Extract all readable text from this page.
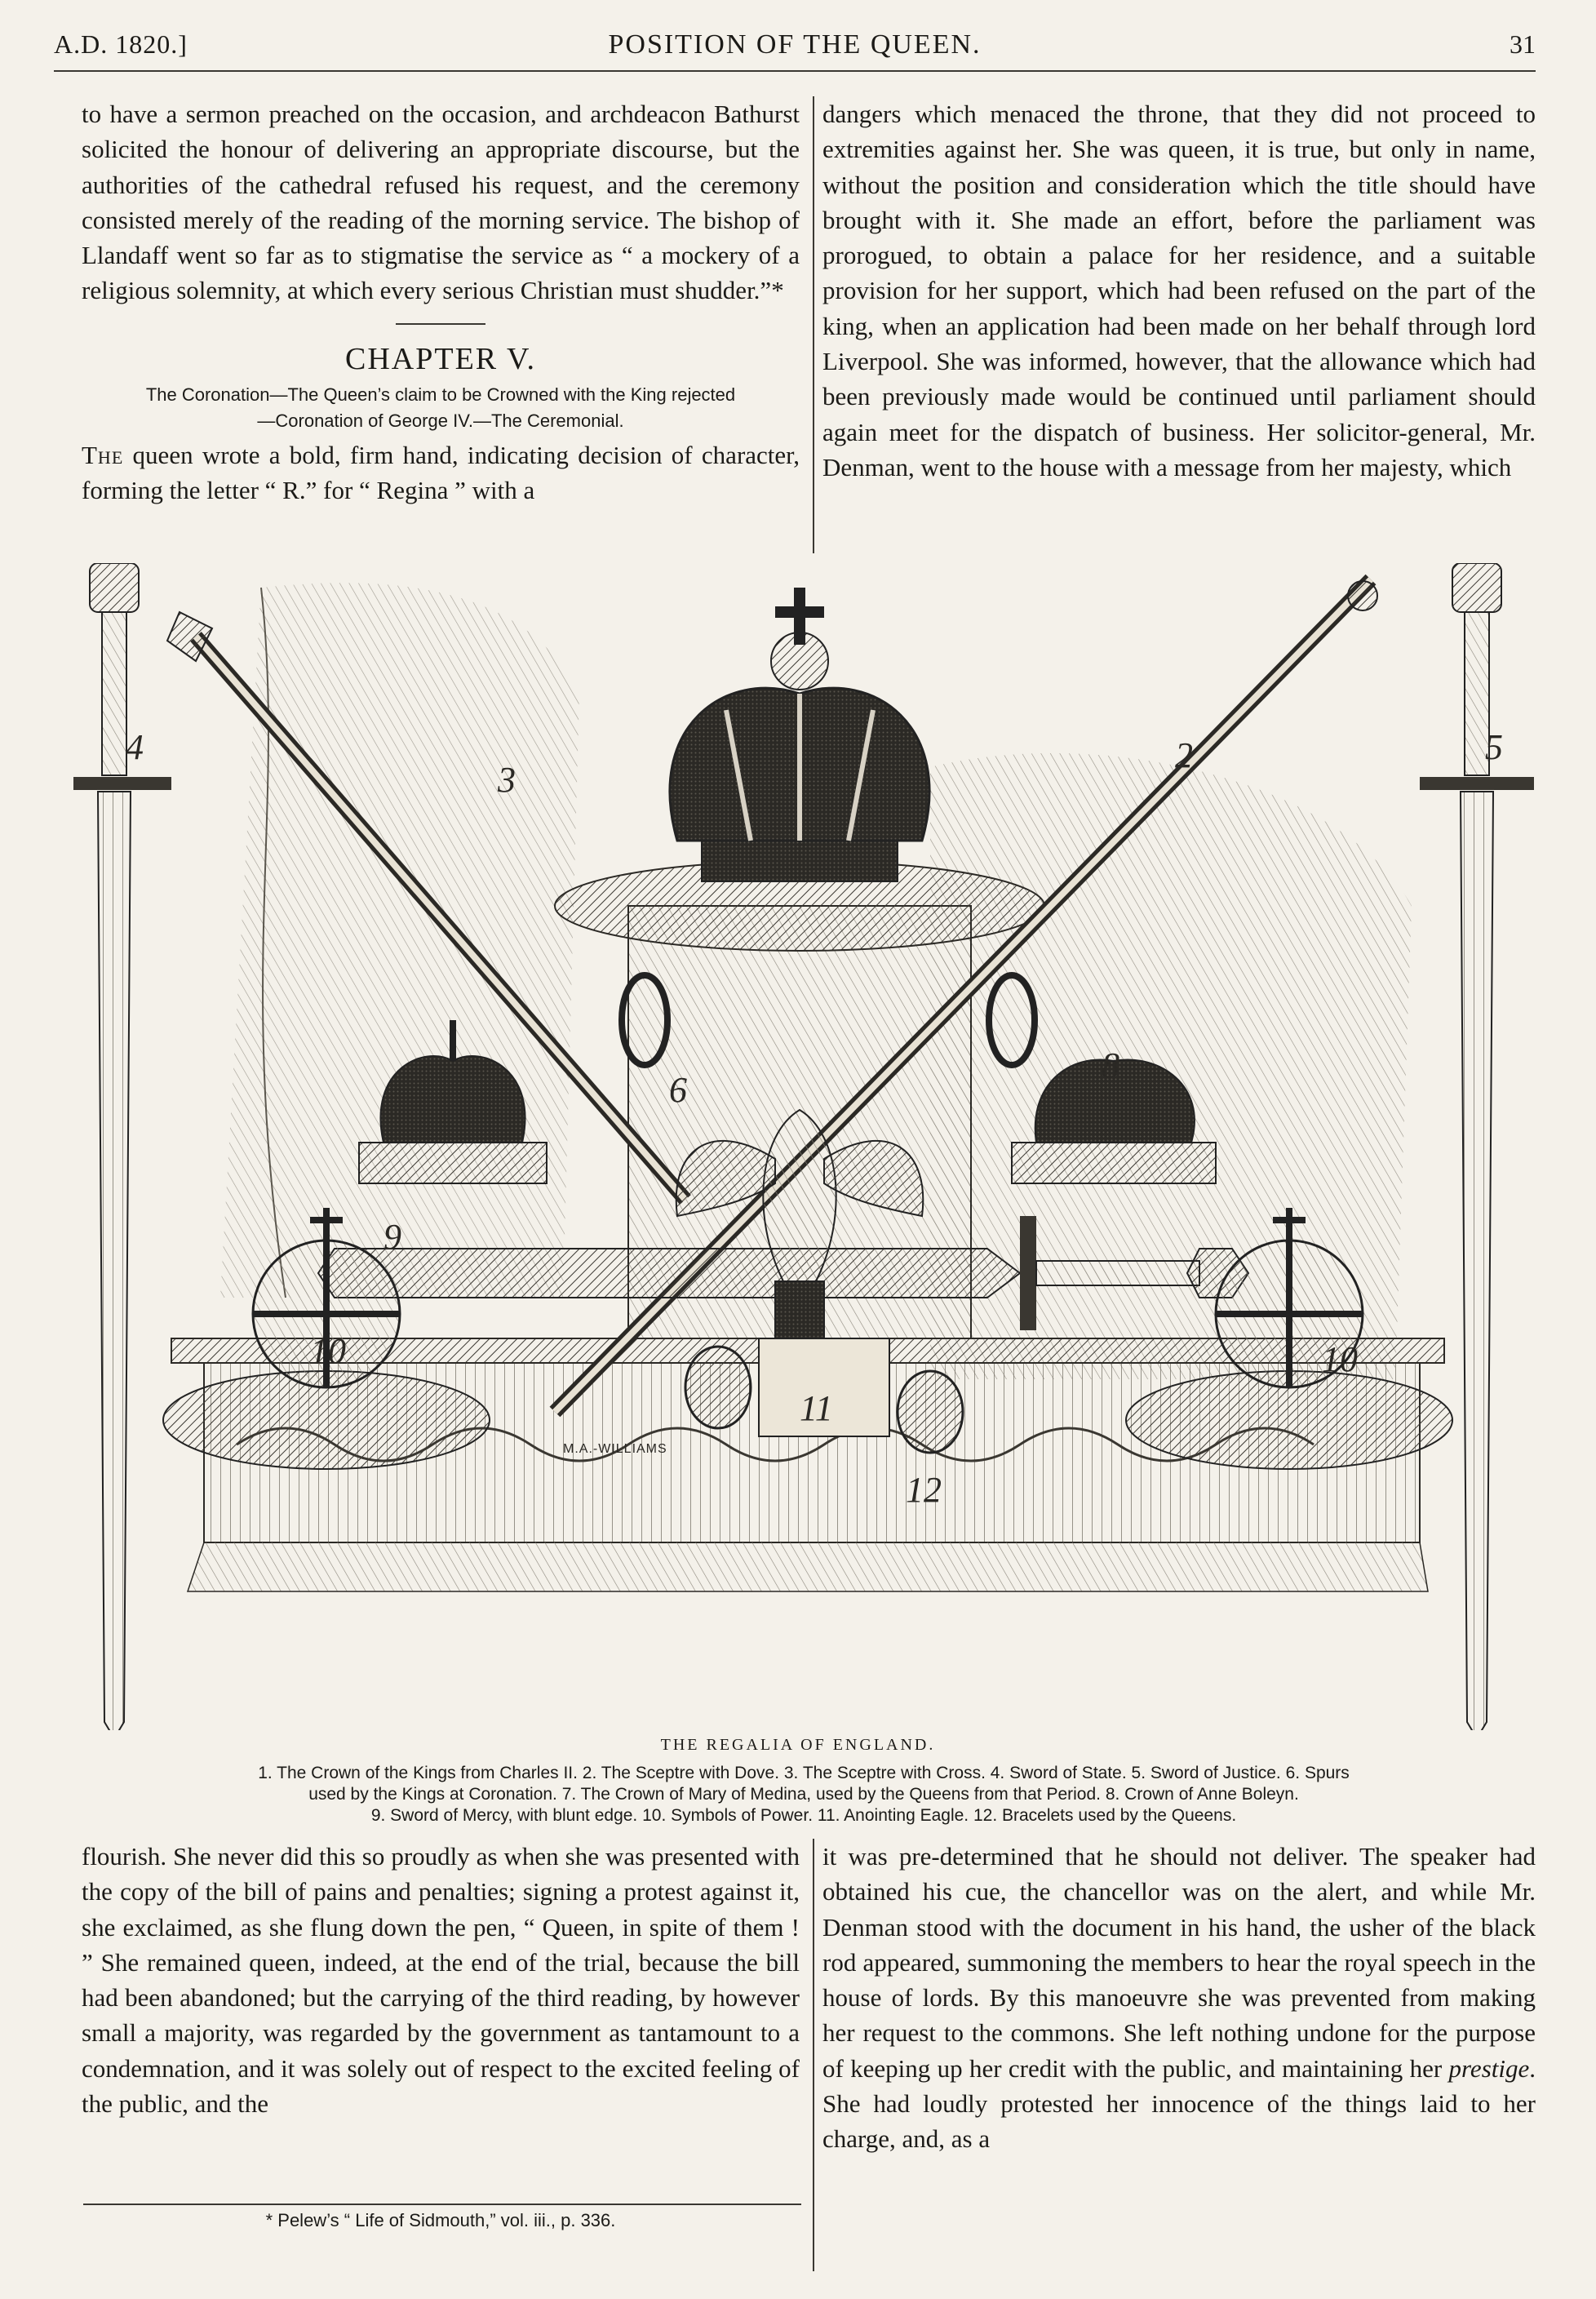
A.D. 1820.]	POSITION OF THE QUEEN.	31

to have a sermon preached on the occasion, and archdeacon Bathurst solicited the honour of delivering an appropriate discourse, but the authorities of the cathedral refused his request, and the ceremony consisted merely of the reading of the morning service. The bishop of Llandaff went so far as to stigmatise the service as “ a mockery of a religious solemnity, at which every serious Christian must shudder.”*

CHAPTER V.
The Coronation—The Queen’s claim to be Crowned with the King rejected
—Coronation of George IV.—The Ceremonial.

The queen wrote a bold, firm hand, indicating decision of character, forming the letter “ R.” for “ Regina ” with a

dangers which menaced the throne, that they did not proceed to extremities against her. She was queen, it is true, but only in name, without the position and consideration which the title should have brought with it. She made an effort, before the parliament was prorogued, to obtain a palace for her residence, and a suitable provision for her support, which had been refused on the part of the king, when an application had been made on her behalf through lord Liverpool. She was informed, however, that the allowance which had been previously made would be continued until parliament should again meet for the dispatch of business. Her solicitor-general, Mr. Denman, went to the house with a message from her majesty, which

2
3
4	5
6
8
9
10	10
11
12
M.A.-WILLIAMS
THE REGALIA OF ENGLAND.
1. The Crown of the Kings from Charles II. 2. The Sceptre with Dove. 3. The Sceptre with Cross. 4. Sword of State. 5. Sword of Justice. 6. Spurs
used by the Kings at Coronation. 7. The Crown of Mary of Medina, used by the Queens from that Period. 8. Crown of Anne Boleyn.
9. Sword of Mercy, with blunt edge. 10. Symbols of Power. 11. Anointing Eagle. 12. Bracelets used by the Queens.

flourish. She never did this so proudly as when she was presented with the copy of the bill of pains and penalties; signing a protest against it, she exclaimed, as she flung down the pen, “ Queen, in spite of them ! ” She remained queen, indeed, at the end of the trial, because the bill had been abandoned; but the carrying of the third reading, by however small a majority, was regarded by the government as tantamount to a condemnation, and it was solely out of respect to the excited feeling of the public, and the

it was pre-determined that he should not deliver. The speaker had obtained his cue, the chancellor was on the alert, and while Mr. Denman stood with the document in his hand, the usher of the black rod appeared, summoning the members to hear the royal speech in the house of lords. By this manoeuvre she was prevented from making her request to the commons. She left nothing undone for the purpose of keeping up her credit with the public, and maintaining her prestige. She had loudly protested her innocence of the things laid to her charge, and, as a

* Pelew’s “ Life of Sidmouth,” vol. iii., p. 336.
